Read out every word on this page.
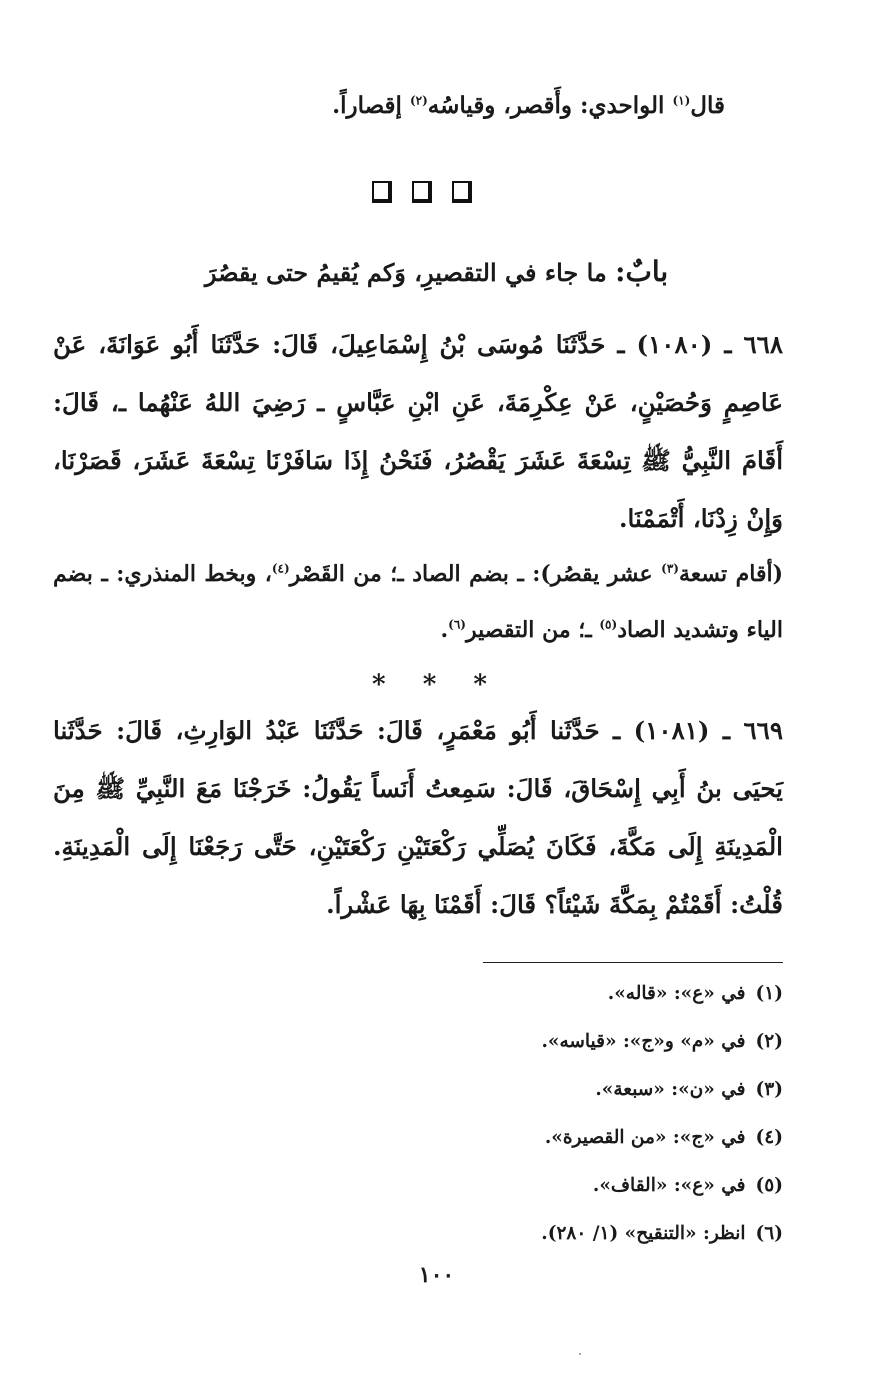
قال$^{(١)}$ الواحدي: وأَقصر، وقياسُه$^{(٢)}$ إقصاراً.
بابٌ: ما جاء في التقصيرِ، وَكم يُقيمُ حتى يقصُرَ
٦٦٨ ـ (١٠٨٠) ـ حَدَّثَنَا مُوسَى بْنُ إِسْمَاعِيلَ، قَالَ: حَدَّثَنَا أَبُو عَوَانَةَ، عَنْ عَاصِمٍ وَحُصَيْنٍ، عَنْ عِكْرِمَةَ، عَنِ ابْنِ عَبَّاسٍ ـ رَضِيَ اللهُ عَنْهُما ـ، قَالَ: أَقَامَ النَّبِيُّ ﷺ تِسْعَةَ عَشَرَ يَقْصُرُ، فَنَحْنُ إِذَا سَافَرْنَا تِسْعَةَ عَشَرَ، قَصَرْنَا، وَإِنْ زِدْنَا، أَتْمَمْنَا.
(أقام تسعة$^{(٣)}$ عشر يقصُر): ـ بضم الصاد ـ؛ من القَصْر$^{(٤)}$، وبخط المنذري: ـ بضم الياء وتشديد الصاد$^{(٥)}$ ـ؛ من التقصير$^{(٦)}$.
* * *
٦٦٩ ـ (١٠٨١) ـ حَدَّثَنا أَبُو مَعْمَرٍ، قَالَ: حَدَّثَنَا عَبْدُ الوَارِثِ، قَالَ: حَدَّثَنا يَحيَى بنُ أَبِي إِسْحَاقَ، قَالَ: سَمِعتُ أَنَساً يَقُولُ: خَرَجْنَا مَعَ النَّبِيِّ ﷺ مِنَ الْمَدِينَةِ إِلَى مَكَّةَ، فَكَانَ يُصَلِّي رَكْعَتَيْنِ رَكْعَتَيْنِ، حَتَّى رَجَعْنَا إِلَى الْمَدِينَةِ. قُلْتُ: أَقَمْتُمْ بِمَكَّةَ شَيْئاً؟ قَالَ: أَقَمْنَا بِهَا عَشْراً.
(١)في «ع»: «قاله».
(٢)في «م» و«ج»: «قياسه».
(٣)في «ن»: «سبعة».
(٤)في «ج»: «من القصيرة».
(٥)في «ع»: «القاف».
(٦)انظر: «التنقيح» (١/ ٢٨٠).
١٠٠
